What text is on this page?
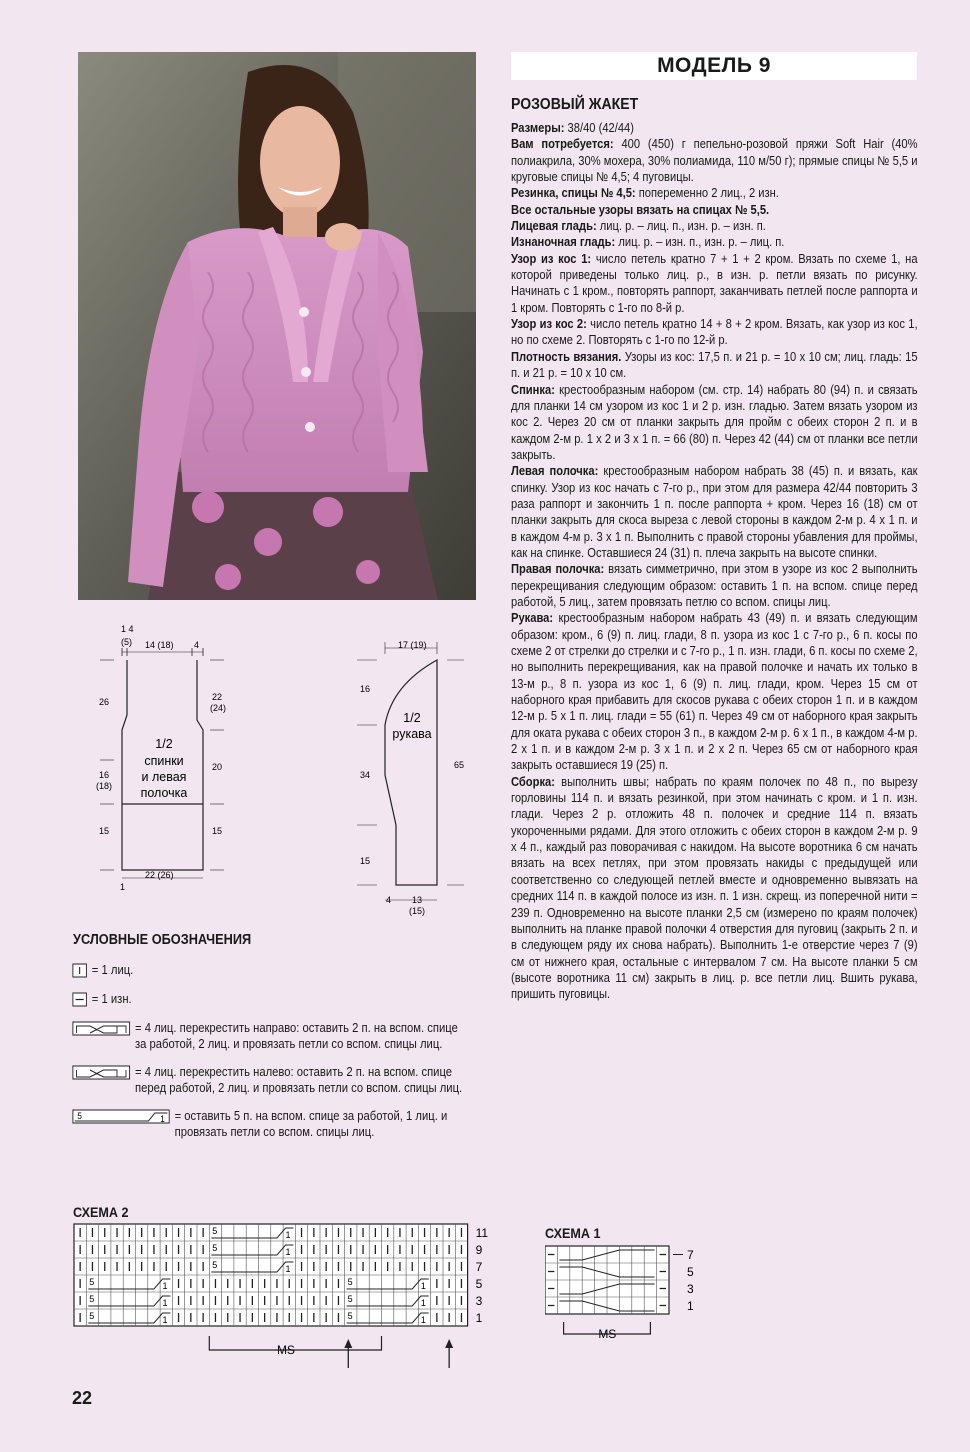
МОДЕЛЬ 9
РОЗОВЫЙ ЖАКЕТ

Размеры: 38/40 (42/44)

Вам потребуется: 400 (450) г пепельно-розовой пряжи Soft Hair (40% полиакрила, 30% мохера, 30% полиамида, 110 м/50 г); прямые спицы № 5,5 и круговые спицы № 4,5; 4 пуговицы.

Резинка, спицы № 4,5: попеременно 2 лиц., 2 изн.

Все остальные узоры вязать на спицах № 5,5.

Лицевая гладь: лиц. р. – лиц. п., изн. р. – изн. п.

Изнаночная гладь: лиц. р. – изн. п., изн. р. – лиц. п.

Узор из кос 1: число петель кратно 7 + 1 + 2 кром. Вязать по схеме 1, на которой приведены только лиц. р., в изн. р. петли вязать по рисунку. Начинать с 1 кром., повторять раппорт, заканчивать петлей после раппорта и 1 кром. Повторять с 1-го по 8-й р.

Узор из кос 2: число петель кратно 14 + 8 + 2 кром. Вязать, как узор из кос 1, но по схеме 2. Повторять с 1-го по 12-й р.

Плотность вязания. Узоры из кос: 17,5 п. и 21 р. = 10 х 10 см; лиц. гладь: 15 п. и 21 р. = 10 х 10 см.

Спинка: крестообразным набором (см. стр. 14) набрать 80 (94) п. и связать для планки 14 см узором из кос 1 и 2 р. изн. гладью. Затем вязать узором из кос 2. Через 20 см от планки закрыть для пройм с обеих сторон 2 п. и в каждом 2-м р. 1 х 2 и 3 х 1 п. = 66 (80) п. Через 42 (44) см от планки все петли закрыть.

Левая полочка: крестообразным набором набрать 38 (45) п. и вязать, как спинку. Узор из кос начать с 7-го р., при этом для размера 42/44 повторить 3 раза раппорт и закончить 1 п. после раппорта + кром. Через 16 (18) см от планки закрыть для скоса выреза с левой стороны в каждом 2-м р. 4 х 1 п. и в каждом 4-м р. 3 х 1 п. Выполнить с правой стороны убавления для проймы, как на спинке. Оставшиеся 24 (31) п. плеча закрыть на высоте спинки.

Правая полочка: вязать симметрично, при этом в узоре из кос 2 выполнить перекрещивания следующим образом: оставить 1 п. на вспом. спице перед работой, 5 лиц., затем провязать петлю со вспом. спицы лиц.

Рукава: крестообразным набором набрать 43 (49) п. и вязать следующим образом: кром., 6 (9) п. лиц. глади, 8 п. узора из кос 1 с 7-го р., 6 п. косы по схеме 2 от стрелки до стрелки и с 7-го р., 1 п. изн. глади, 6 п. косы по схеме 2, но выполнить перекрещивания, как на правой полочке и начать их только в 13-м р., 8 п. узора из кос 1, 6 (9) п. лиц. глади, кром. Через 15 см от наборного края прибавить для скосов рукава с обеих сторон 1 п. и в каждом 12-м р. 5 х 1 п. лиц. глади = 55 (61) п. Через 49 см от наборного края закрыть для оката рукава с обеих сторон 3 п., в каждом 2-м р. 6 х 1 п., в каждом 4-м р. 2 х 1 п. и в каждом 2-м р. 3 х 1 п. и 2 х 2 п. Через 65 см от наборного края закрыть оставшиеся 19 (25) п.

Сборка: выполнить швы; набрать по краям полочек по 48 п., по вырезу горловины 114 п. и вязать резинкой, при этом начинать с кром. и 1 п. изн. глади. Через 2 р. отложить 48 п. полочек и средние 114 п. вязать укороченными рядами. Для этого отложить с обеих сторон в каждом 2-м р. 9 х 4 п., каждый раз поворачивая с накидом. На высоте воротника 6 см начать вязать на всех петлях, при этом провязать накиды с предыдущей или соответственно со следующей петлей вместе и одновременно вывязать на средних 114 п. в каждой полосе из изн. п. 1 изн. скрещ. из поперечной нити = 239 п. Одновременно на высоте планки 2,5 см (измерено по краям полочек) выполнить на планке правой полочки 4 отверстия для пуговиц (закрыть 2 п. и в следующем ряду их снова набрать). Выполнить 1-е отверстие через 7 (9) см от нижнего края, остальные с интервалом 7 см. На высоте планки 5 см (высоте воротника 11 см) закрыть в лиц. р. все петли лиц. Вшить рукава, пришить пуговицы.

1 4
(5) 14 (18) 4
26
16
(18)
15
22
(24)
20
15
22 (26)
1
1/2
спинки
и левая
полочка
17 (19)
16
34
15
65
4 13
(15)
1/2
рукава
УСЛОВНЫЕ ОБОЗНАЧЕНИЯ
= 1 лиц.
= 1 изн.
= 4 лиц. перекрестить направо: оставить 2 п. на вспом. спице за работой, 2 лиц. и провязать петли со вспом. спицы лиц.
= 4 лиц. перекрестить налево: оставить 2 п. на вспом. спице перед работой, 2 лиц. и провязать петли со вспом. спицы лиц.
5	1 = оставить 5 п. на вспом. спице за работой, 1 лиц. и провязать петли со вспом. спицы лиц.
СХЕМА 2
5	1	11
5	1	9
5	1	7
5	1	5	1	5
5	1	5	1	3
5	1	5	1	1
MS
СХЕМА 1
7
5
3
1
MS
22
